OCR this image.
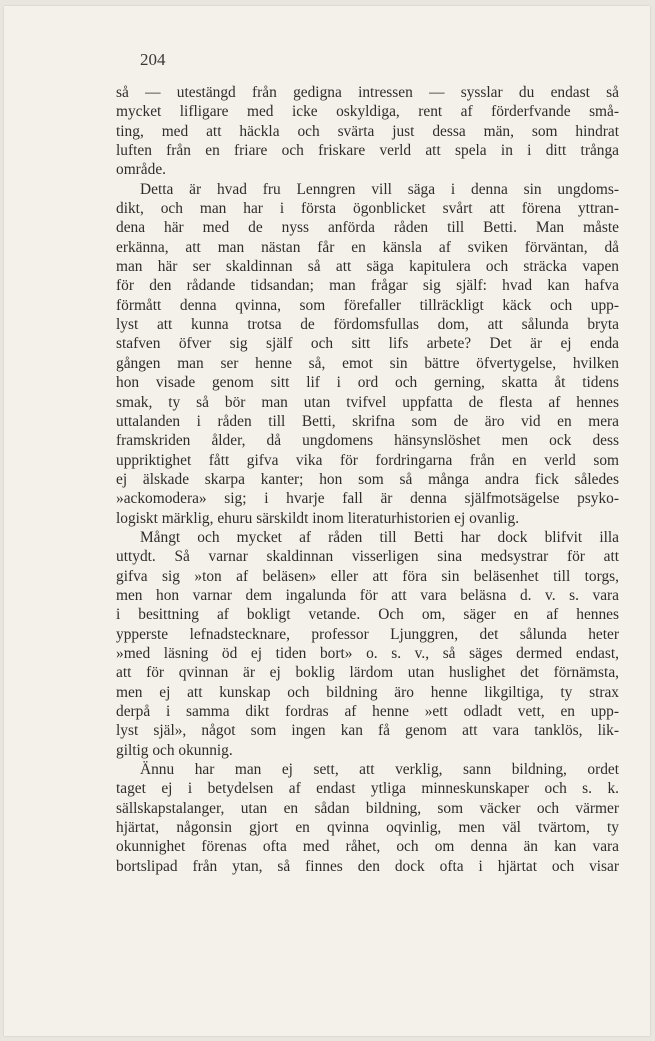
204
så — utestängd från gedigna intressen — sysslar du endast så
mycket lifligare med icke oskyldiga, rent af förderfvande små-
ting, med att häckla och svärta just dessa män, som hindrat
luften från en friare och friskare verld att spela in i ditt trånga
område.
Detta är hvad fru Lenngren vill säga i denna sin ungdoms-
dikt, och man har i första ögonblicket svårt att förena yttran-
dena här med de nyss anförda råden till Betti. Man måste
erkänna, att man nästan får en känsla af sviken förväntan, då
man här ser skaldinnan så att säga kapitulera och sträcka vapen
för den rådande tidsandan; man frågar sig själf: hvad kan hafva
förmått denna qvinna, som förefaller tillräckligt käck och upp-
lyst att kunna trotsa de fördomsfullas dom, att sålunda bryta
stafven öfver sig själf och sitt lifs arbete? Det är ej enda
gången man ser henne så, emot sin bättre öfvertygelse, hvilken
hon visade genom sitt lif i ord och gerning, skatta åt tidens
smak, ty så bör man utan tvifvel uppfatta de flesta af hennes
uttalanden i råden till Betti, skrifna som de äro vid en mera
framskriden ålder, då ungdomens hänsynslöshet men ock dess
uppriktighet fått gifva vika för fordringarna från en verld som
ej älskade skarpa kanter; hon som så många andra fick således
»ackomodera» sig; i hvarje fall är denna själfmotsägelse psyko-
logiskt märklig, ehuru särskildt inom literaturhistorien ej ovanlig.
Mångt och mycket af råden till Betti har dock blifvit illa
uttydt. Så varnar skaldinnan visserligen sina medsystrar för att
gifva sig »ton af beläsen» eller att föra sin beläsenhet till torgs,
men hon varnar dem ingalunda för att vara beläsna d. v. s. vara
i besittning af bokligt vetande. Och om, säger en af hennes
ypperste lefnadstecknare, professor Ljunggren, det sålunda heter
»med läsning öd ej tiden bort» o. s. v., så säges dermed endast,
att för qvinnan är ej boklig lärdom utan huslighet det förnämsta,
men ej att kunskap och bildning äro henne likgiltiga, ty strax
derpå i samma dikt fordras af henne »ett odladt vett, en upp-
lyst själ», något som ingen kan få genom att vara tanklös, lik-
giltig och okunnig.
Ännu har man ej sett, att verklig, sann bildning, ordet
taget ej i betydelsen af endast ytliga minneskunskaper och s. k.
sällskapstalanger, utan en sådan bildning, som väcker och värmer
hjärtat, någonsin gjort en qvinna oqvinlig, men väl tvärtom, ty
okunnighet förenas ofta med råhet, och om denna än kan vara
bortslipad från ytan, så finnes den dock ofta i hjärtat och visar
